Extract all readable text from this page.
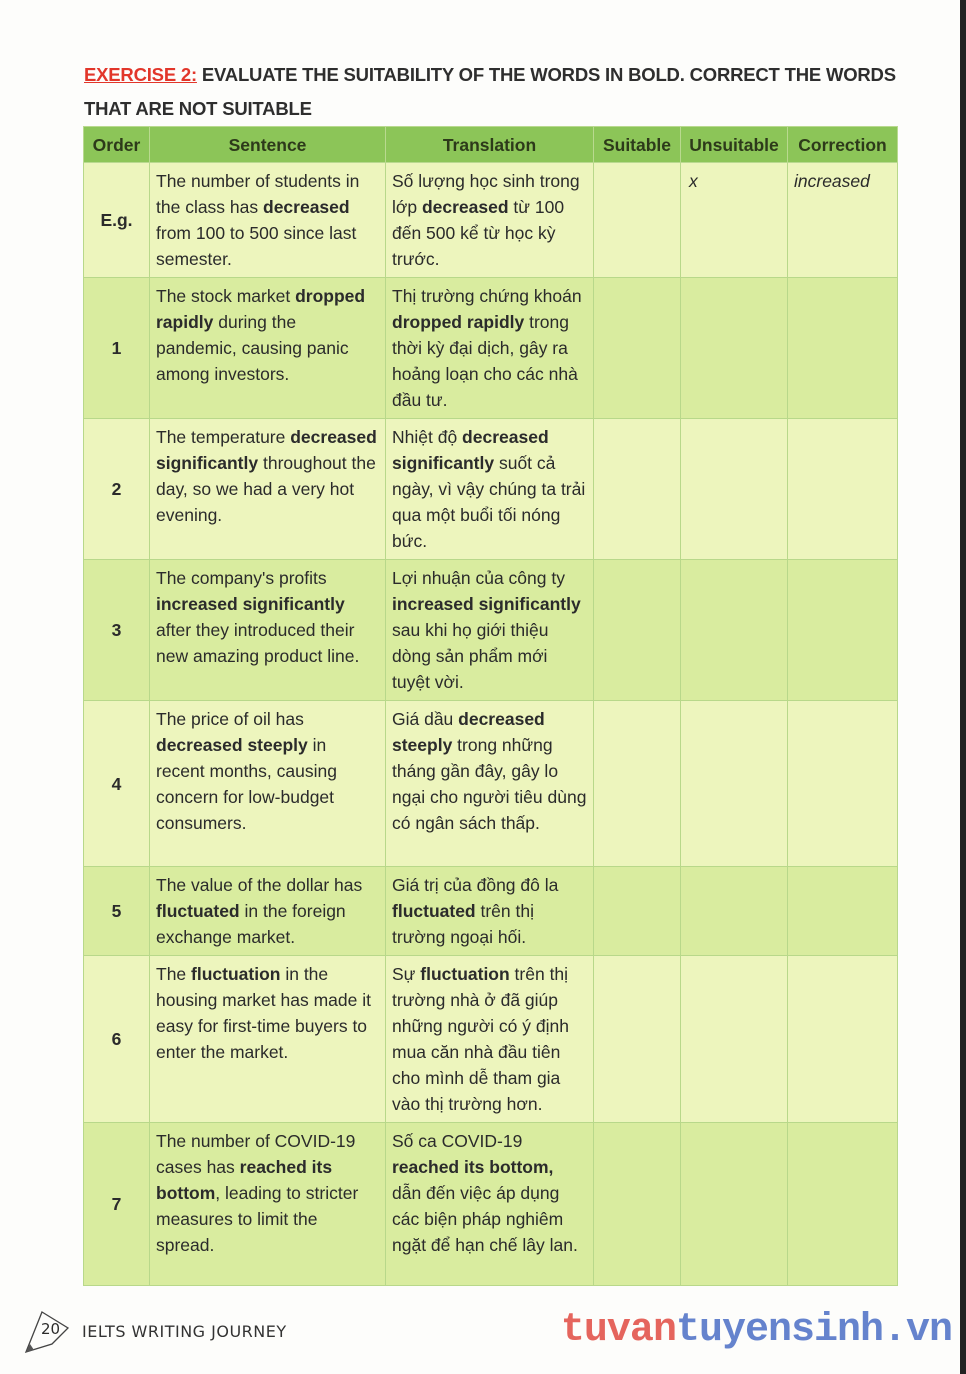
EXERCISE 2: EVALUATE THE SUITABILITY OF THE WORDS IN BOLD. CORRECT THE WORDS THAT ARE NOT SUITABLE
Order	Sentence	Translation	Suitable	Unsuitable	Correction
E.g.	The number of students in the class has decreased from 100 to 500 since last semester.	Số lượng học sinh trong lớp decreased từ 100 đến 500 kể từ học kỳ trước.		x	increased
1	The stock market dropped rapidly during the pandemic, causing panic among investors.	Thị trường chứng khoán dropped rapidly trong thời kỳ đại dịch, gây ra hoảng loạn cho các nhà đầu tư.			
2	The temperature decreased significantly throughout the day, so we had a very hot evening.	Nhiệt độ decreased significantly suốt cả ngày, vì vậy chúng ta trải qua một buổi tối nóng bức.			
3	The company's profits increased significantly after they introduced their new amazing product line.	Lợi nhuận của công ty increased significantly sau khi họ giới thiệu dòng sản phẩm mới tuyệt vời.			
4	The price of oil has decreased steeply in recent months, causing concern for low-budget consumers.	Giá dầu decreased steeply trong những tháng gần đây, gây lo ngại cho người tiêu dùng có ngân sách thấp.			
5	The value of the dollar has fluctuated in the foreign exchange market.	Giá trị của đồng đô la fluctuated trên thị trường ngoại hối.			
6	The fluctuation in the housing market has made it easy for first-time buyers to enter the market.	Sự fluctuation trên thị trường nhà ở đã giúp những người có ý định mua căn nhà đầu tiên cho mình dễ tham gia vào thị trường hơn.			
7	The number of COVID-19 cases has reached its bottom, leading to stricter measures to limit the spread.	Số ca COVID-19 reached its bottom, dẫn đến việc áp dụng các biện pháp nghiêm ngặt để hạn chế lây lan.			
20 IELTS WRITING JOURNEY	tuvantuyensinh.vn
